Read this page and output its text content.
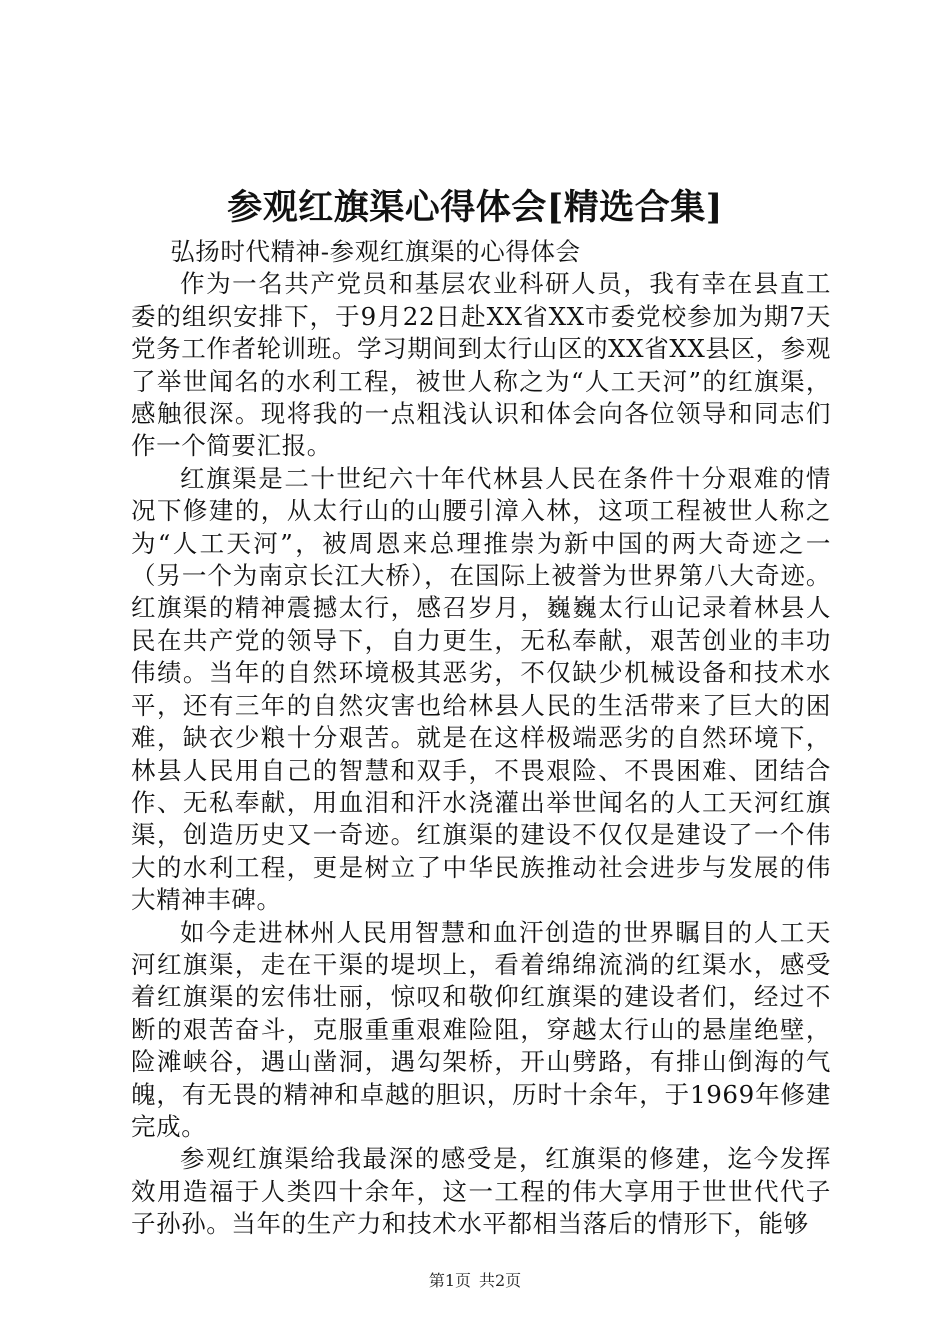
参观红旗渠心得体会[精选合集]

弘扬时代精神-参观红旗渠的心得体会

作为一名共产党员和基层农业科研人员，我有幸在县直工委的组织安排下，于9月22日赴XX省XX市委党校参加为期7天党务工作者轮训班。学习期间到太行山区的XX省XX县区，参观了举世闻名的水利工程，被世人称之为“人工天河”的红旗渠，感触很深。现将我的一点粗浅认识和体会向各位领导和同志们作一个简要汇报。

红旗渠是二十世纪六十年代林县人民在条件十分艰难的情况下修建的，从太行山的山腰引漳入林，这项工程被世人称之为“人工天河”，被周恩来总理推崇为新中国的两大奇迹之一（另一个为南京长江大桥），在国际上被誉为世界第八大奇迹。红旗渠的精神震撼太行，感召岁月，巍巍太行山记录着林县人民在共产党的领导下，自力更生，无私奉献，艰苦创业的丰功伟绩。当年的自然环境极其恶劣，不仅缺少机械设备和技术水平，还有三年的自然灾害也给林县人民的生活带来了巨大的困难，缺衣少粮十分艰苦。就是在这样极端恶劣的自然环境下，林县人民用自己的智慧和双手，不畏艰险、不畏困难、团结合作、无私奉献，用血泪和汗水浇灌出举世闻名的人工天河红旗渠，创造历史又一奇迹。红旗渠的建设不仅仅是建设了一个伟大的水利工程，更是树立了中华民族推动社会进步与发展的伟大精神丰碑。

如今走进林州人民用智慧和血汗创造的世界瞩目的人工天河红旗渠，走在干渠的堤坝上，看着绵绵流淌的红渠水，感受着红旗渠的宏伟壮丽，惊叹和敬仰红旗渠的建设者们，经过不断的艰苦奋斗，克服重重艰难险阻，穿越太行山的悬崖绝壁，险滩峡谷，遇山凿洞，遇勾架桥，开山劈路，有排山倒海的气魄，有无畏的精神和卓越的胆识，历时十余年，于1969年修建完成。

参观红旗渠给我最深的感受是，红旗渠的修建，迄今发挥效用造福于人类四十余年，这一工程的伟大享用于世世代代子子孙孙。当年的生产力和技术水平都相当落后的情形下，能够

第1页 共2页
